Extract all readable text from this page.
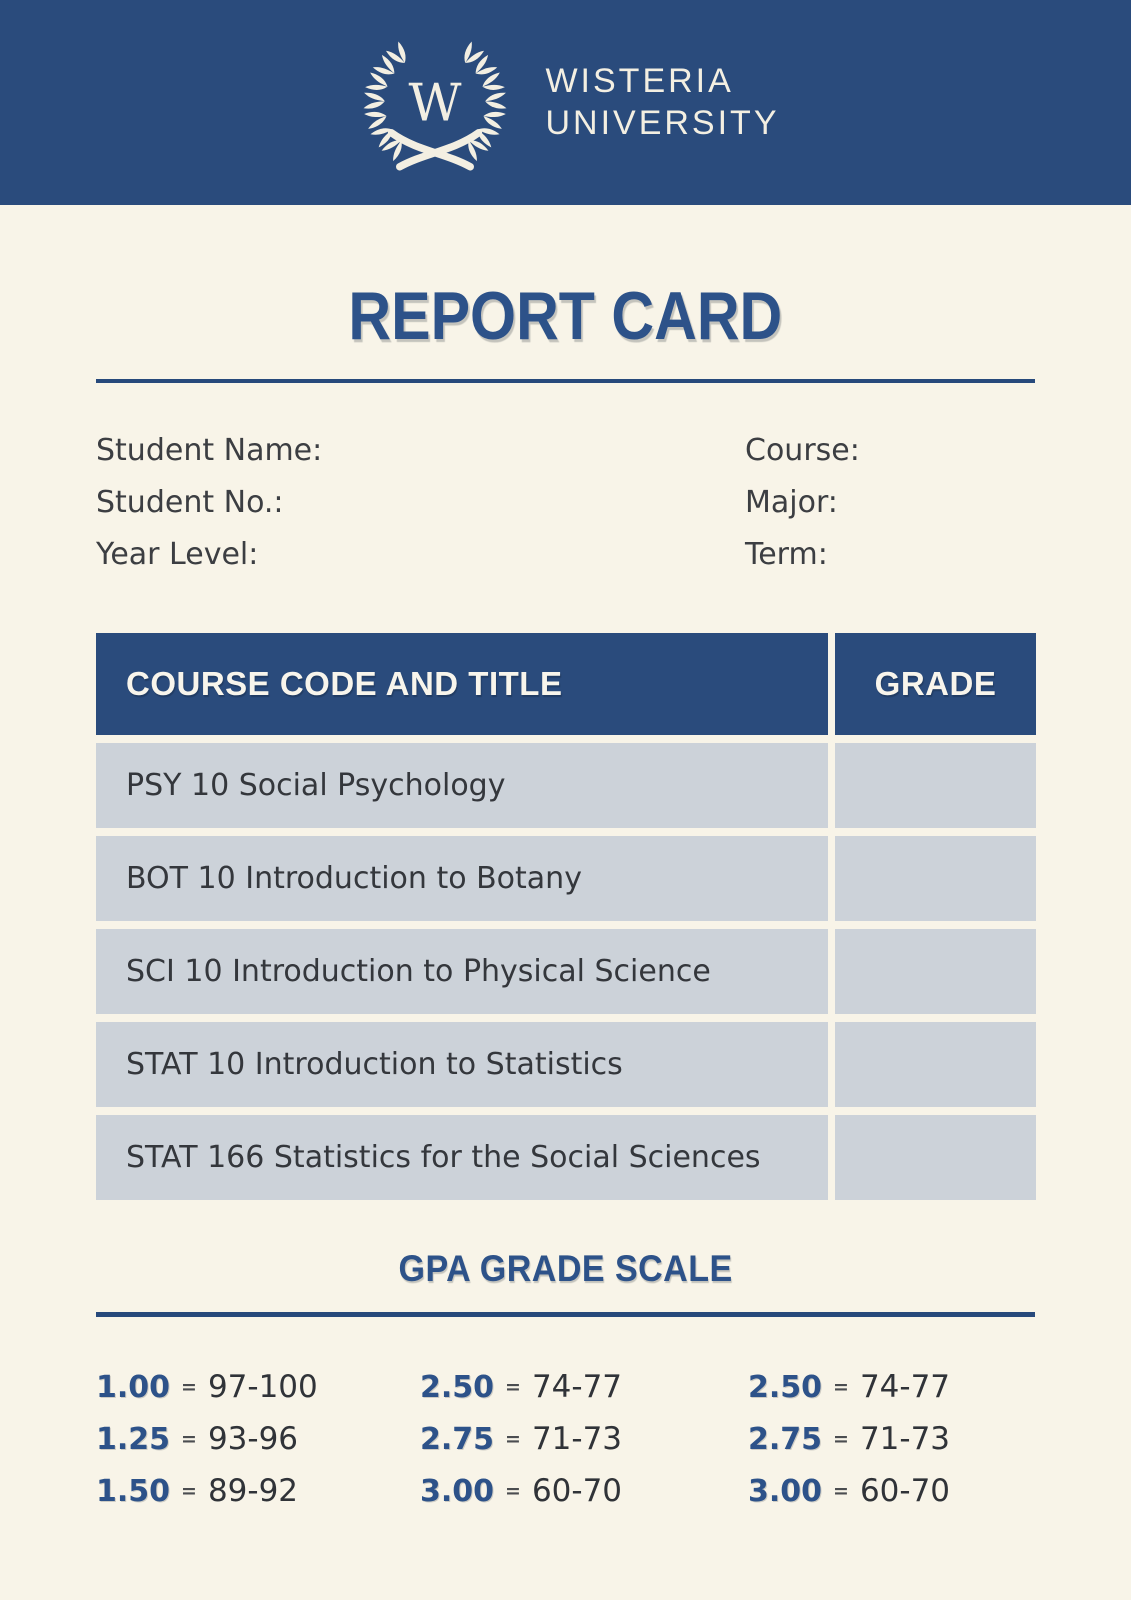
W WISTERIA
UNIVERSITY
REPORT CARD
Student Name:
Student No.:
Year Level:
Course:
Major:
Term:
COURSE CODE AND TITLE	GRADE
PSY 10 Social Psychology
BOT 10 Introduction to Botany
SCI 10 Introduction to Physical Science
STAT 10 Introduction to Statistics
STAT 166 Statistics for the Social Sciences
GPA GRADE SCALE
1.00 = 97-100
1.25 = 93-96
1.50 = 89-92
2.50 = 74-77
2.75 = 71-73
3.00 = 60-70
2.50 = 74-77
2.75 = 71-73
3.00 = 60-70
